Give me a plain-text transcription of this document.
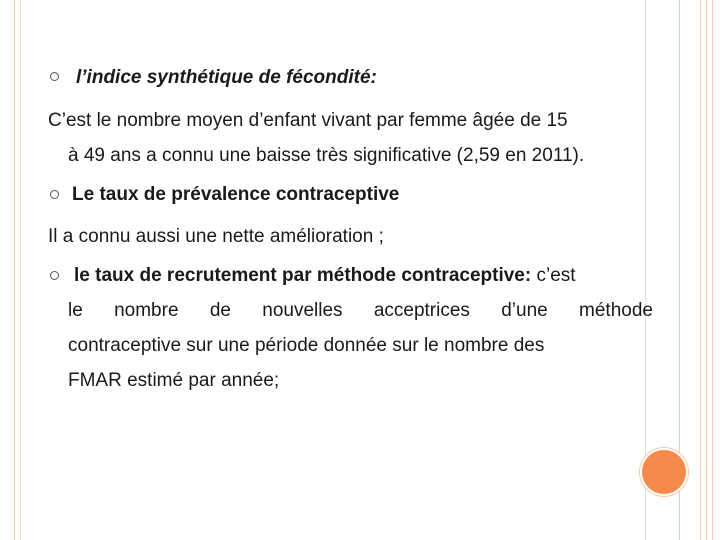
l’indice synthétique de fécondité:
C’est le nombre moyen d’enfant vivant par femme âgée de 15
à 49 ans a connu une baisse très significative (2,59 en 2011).
Le taux de prévalence contraceptive
Il a connu aussi une nette amélioration ;
le taux de recrutement par méthode contraceptive: c’est
le nombre de nouvelles acceptrices d’une méthode
contraceptive sur une période donnée sur le nombre des
FMAR estimé par année;
